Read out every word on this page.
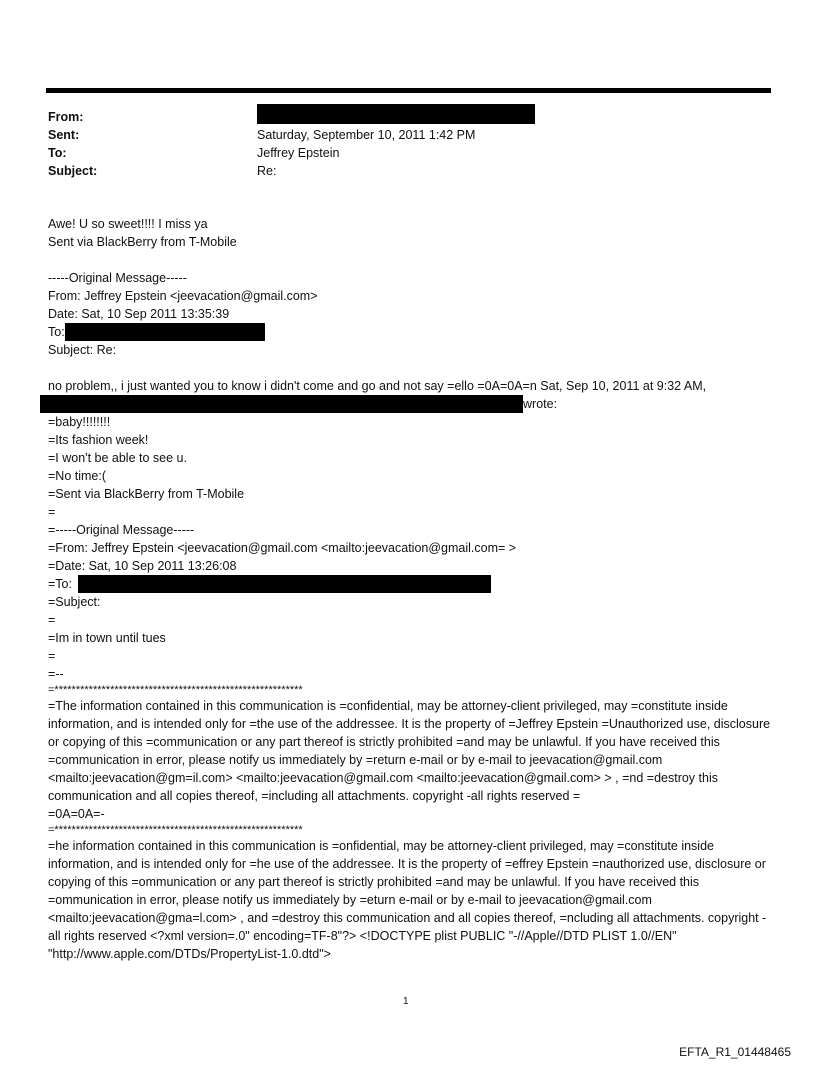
From:
Sent:	Saturday, September 10, 2011 1:42 PM
To:	Jeffrey Epstein
Subject:	Re:

Awe! U so sweet!!!! I miss ya

Sent via BlackBerry from T-Mobile

-----Original Message-----

From: Jeffrey Epstein <jeevacation@gmail.com>

Date: Sat, 10 Sep 2011 13:35:39

To:

Subject: Re:

no problem,, i just wanted you to know i didn't come and go and not say =ello =0A=0A=n Sat, Sep 10, 2011 at 9:32 AM,

wrote:

=baby!!!!!!!!

=Its fashion week!

=I won't be able to see u.

=No time:(

=Sent via BlackBerry from T-Mobile

=

=-----Original Message-----

=From: Jeffrey Epstein <jeevacation@gmail.com <mailto:jeevacation@gmail.com= >

=Date: Sat, 10 Sep 2011 13:26:08

=To:

=Subject:

=

=Im in town until tues

=

=--

=**********************************************************

=The information contained in this communication is =confidential, may be attorney-client privileged, may =constitute inside information, and is intended only for =the use of the addressee. It is the property of =Jeffrey Epstein =Unauthorized use, disclosure or copying of this =communication or any part thereof is strictly prohibited =and may be unlawful. If you have received this =communication in error, please notify us immediately by =return e-mail or by e-mail to jeevacation@gmail.com <mailto:jeevacation@gm=il.com> <mailto:jeevacation@gmail.com <mailto:jeevacation@gmail.com> > , =nd =destroy this communication and all copies thereof, =including all attachments. copyright -all rights reserved =

=0A=0A=-

=**********************************************************

=he information contained in this communication is =onfidential, may be attorney-client privileged, may =constitute inside information, and is intended only for =he use of the addressee. It is the property of =effrey Epstein =nauthorized use, disclosure or copying of this =ommunication or any part thereof is strictly prohibited =and may be unlawful. If you have received this =ommunication in error, please notify us immediately by =eturn e-mail or by e-mail to jeevacation@gmail.com <mailto:jeevacation@gma=l.com> , and =destroy this communication and all copies thereof, =ncluding all attachments. copyright -all rights reserved <?xml version=.0" encoding=TF-8"?> <!DOCTYPE plist PUBLIC "-//Apple//DTD PLIST 1.0//EN" "http://www.apple.com/DTDs/PropertyList-1.0.dtd">

1
EFTA_R1_01448465
